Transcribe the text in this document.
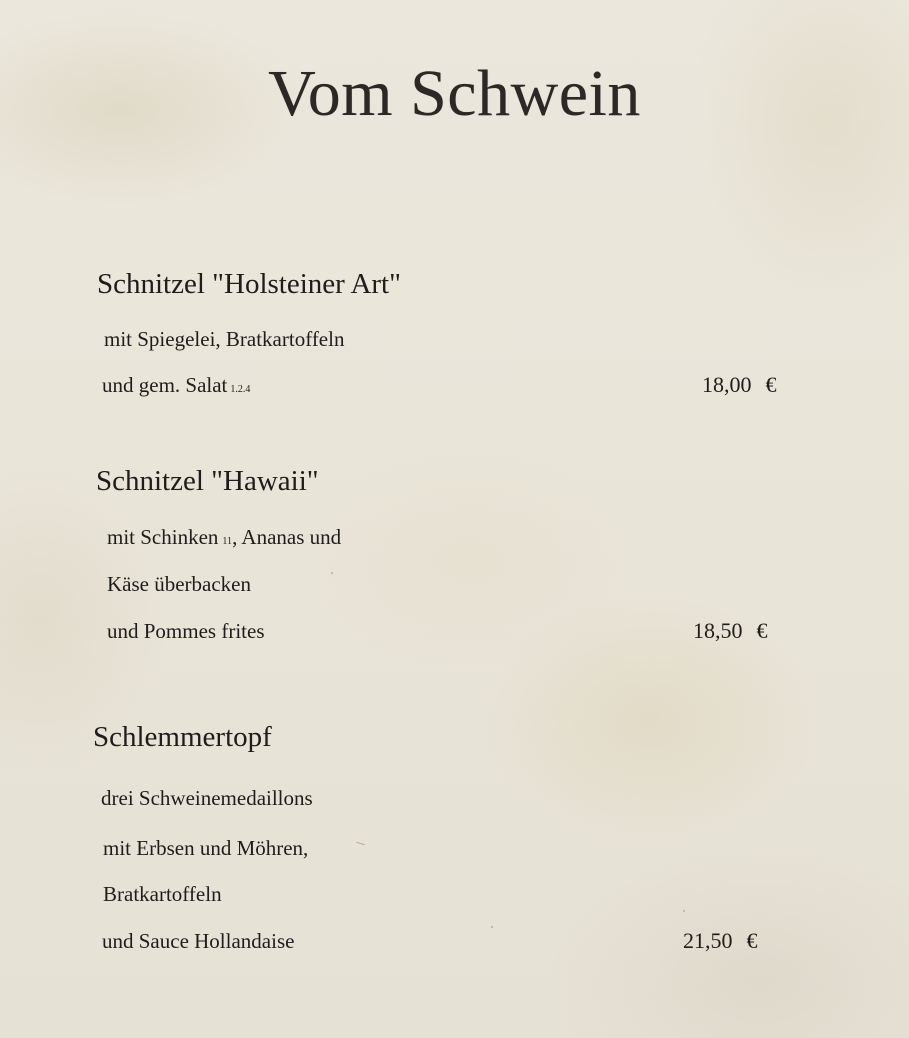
Vom Schwein
Schnitzel "Holsteiner Art"
mit Spiegelei, Bratkartoffeln
und gem. Salat 1.2.4	18,00 €
Schnitzel "Hawaii"
mit Schinken 11, Ananas und
Käse überbacken
und Pommes frites	18,50 €
Schlemmertopf
drei Schweinemedaillons
mit Erbsen und Möhren,
Bratkartoffeln
und Sauce Hollandaise	21,50 €
